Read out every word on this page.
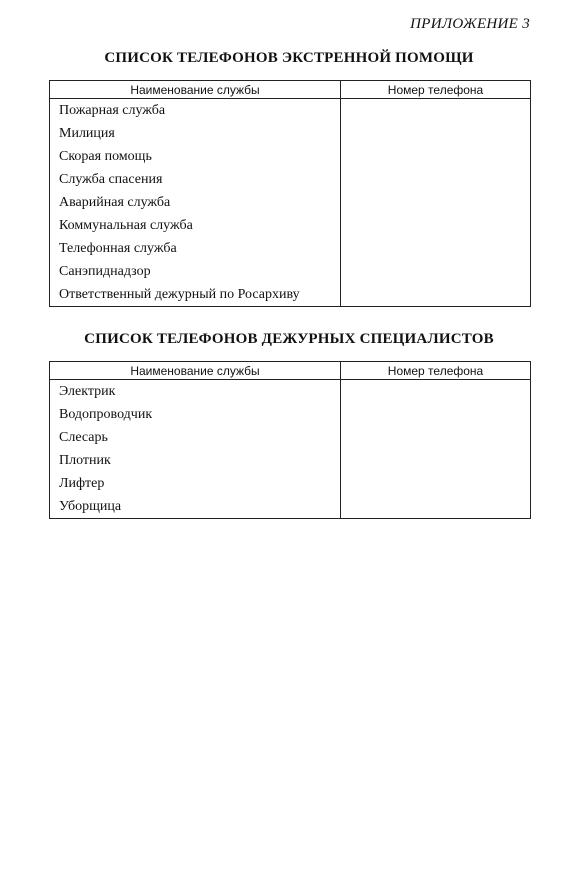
ПРИЛОЖЕНИЕ 3
СПИСОК ТЕЛЕФОНОВ ЭКСТРЕННОЙ ПОМОЩИ
Наименование службы	Номер телефона
Пожарная служба	
Милиция	
Скорая помощь	
Служба спасения	
Аварийная служба	
Коммунальная служба	
Телефонная служба	
Санэпиднадзор	
Ответственный дежурный по Росархиву	
СПИСОК ТЕЛЕФОНОВ ДЕЖУРНЫХ СПЕЦИАЛИСТОВ
Наименование службы	Номер телефона
Электрик	
Водопроводчик	
Слесарь	
Плотник	
Лифтер	
Уборщица	
